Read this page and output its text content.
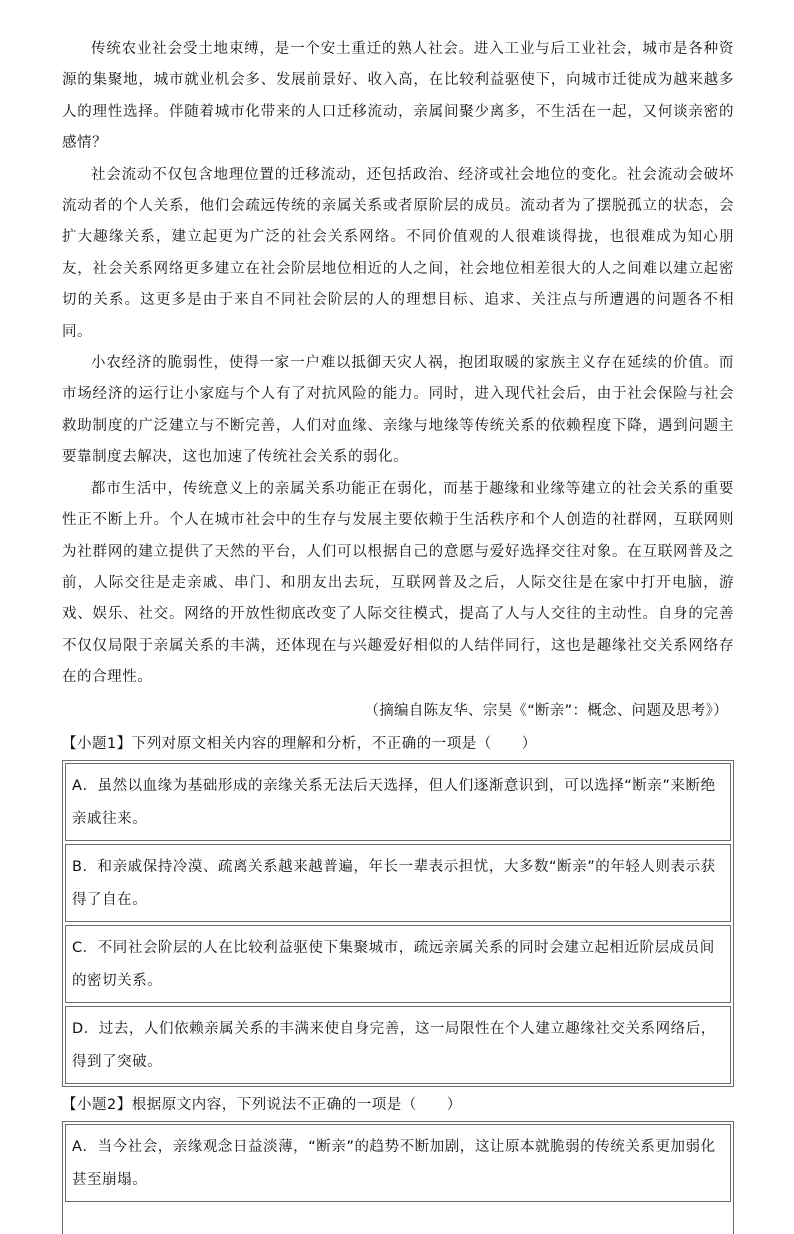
传统农业社会受土地束缚，是一个安土重迁的熟人社会。进入工业与后工业社会，城市是各种资源的集聚地，城市就业机会多、发展前景好、收入高，在比较利益驱使下，向城市迁徙成为越来越多人的理性选择。伴随着城市化带来的人口迁移流动，亲属间聚少离多，不生活在一起，又何谈亲密的感情？

社会流动不仅包含地理位置的迁移流动，还包括政治、经济或社会地位的变化。社会流动会破坏流动者的个人关系，他们会疏远传统的亲属关系或者原阶层的成员。流动者为了摆脱孤立的状态，会扩大趣缘关系，建立起更为广泛的社会关系网络。不同价值观的人很难谈得拢，也很难成为知心朋友，社会关系网络更多建立在社会阶层地位相近的人之间，社会地位相差很大的人之间难以建立起密切的关系。这更多是由于来自不同社会阶层的人的理想目标、追求、关注点与所遭遇的问题各不相同。

小农经济的脆弱性，使得一家一户难以抵御天灾人祸，抱团取暖的家族主义存在延续的价值。而市场经济的运行让小家庭与个人有了对抗风险的能力。同时，进入现代社会后，由于社会保险与社会救助制度的广泛建立与不断完善，人们对血缘、亲缘与地缘等传统关系的依赖程度下降，遇到问题主要靠制度去解决，这也加速了传统社会关系的弱化。

都市生活中，传统意义上的亲属关系功能正在弱化，而基于趣缘和业缘等建立的社会关系的重要性正不断上升。个人在城市社会中的生存与发展主要依赖于生活秩序和个人创造的社群网，互联网则为社群网的建立提供了天然的平台，人们可以根据自己的意愿与爱好选择交往对象。在互联网普及之前，人际交往是走亲戚、串门、和朋友出去玩，互联网普及之后，人际交往是在家中打开电脑，游戏、娱乐、社交。网络的开放性彻底改变了人际交往模式，提高了人与人交往的主动性。自身的完善不仅仅局限于亲属关系的丰满，还体现在与兴趣爱好相似的人结伴同行，这也是趣缘社交关系网络存在的合理性。

（摘编自陈友华、宗昊《“断亲”：概念、问题及思考》）
【小题1】下列对原文相关内容的理解和分析，不正确的一项是（　　）
A．虽然以血缘为基础形成的亲缘关系无法后天选择，但人们逐渐意识到，可以选择“断亲”来断绝亲戚往来。
B．和亲戚保持冷漠、疏离关系越来越普遍，年长一辈表示担忧，大多数“断亲”的年轻人则表示获得了自在。
C．不同社会阶层的人在比较利益驱使下集聚城市，疏远亲属关系的同时会建立起相近阶层成员间的密切关系。
D．过去，人们依赖亲属关系的丰满来使自身完善，这一局限性在个人建立趣缘社交关系网络后，得到了突破。
【小题2】根据原文内容，下列说法不正确的一项是（　　）
A．当今社会，亲缘观念日益淡薄，“断亲”的趋势不断加剧，这让原本就脆弱的传统关系更加弱化甚至崩塌。
